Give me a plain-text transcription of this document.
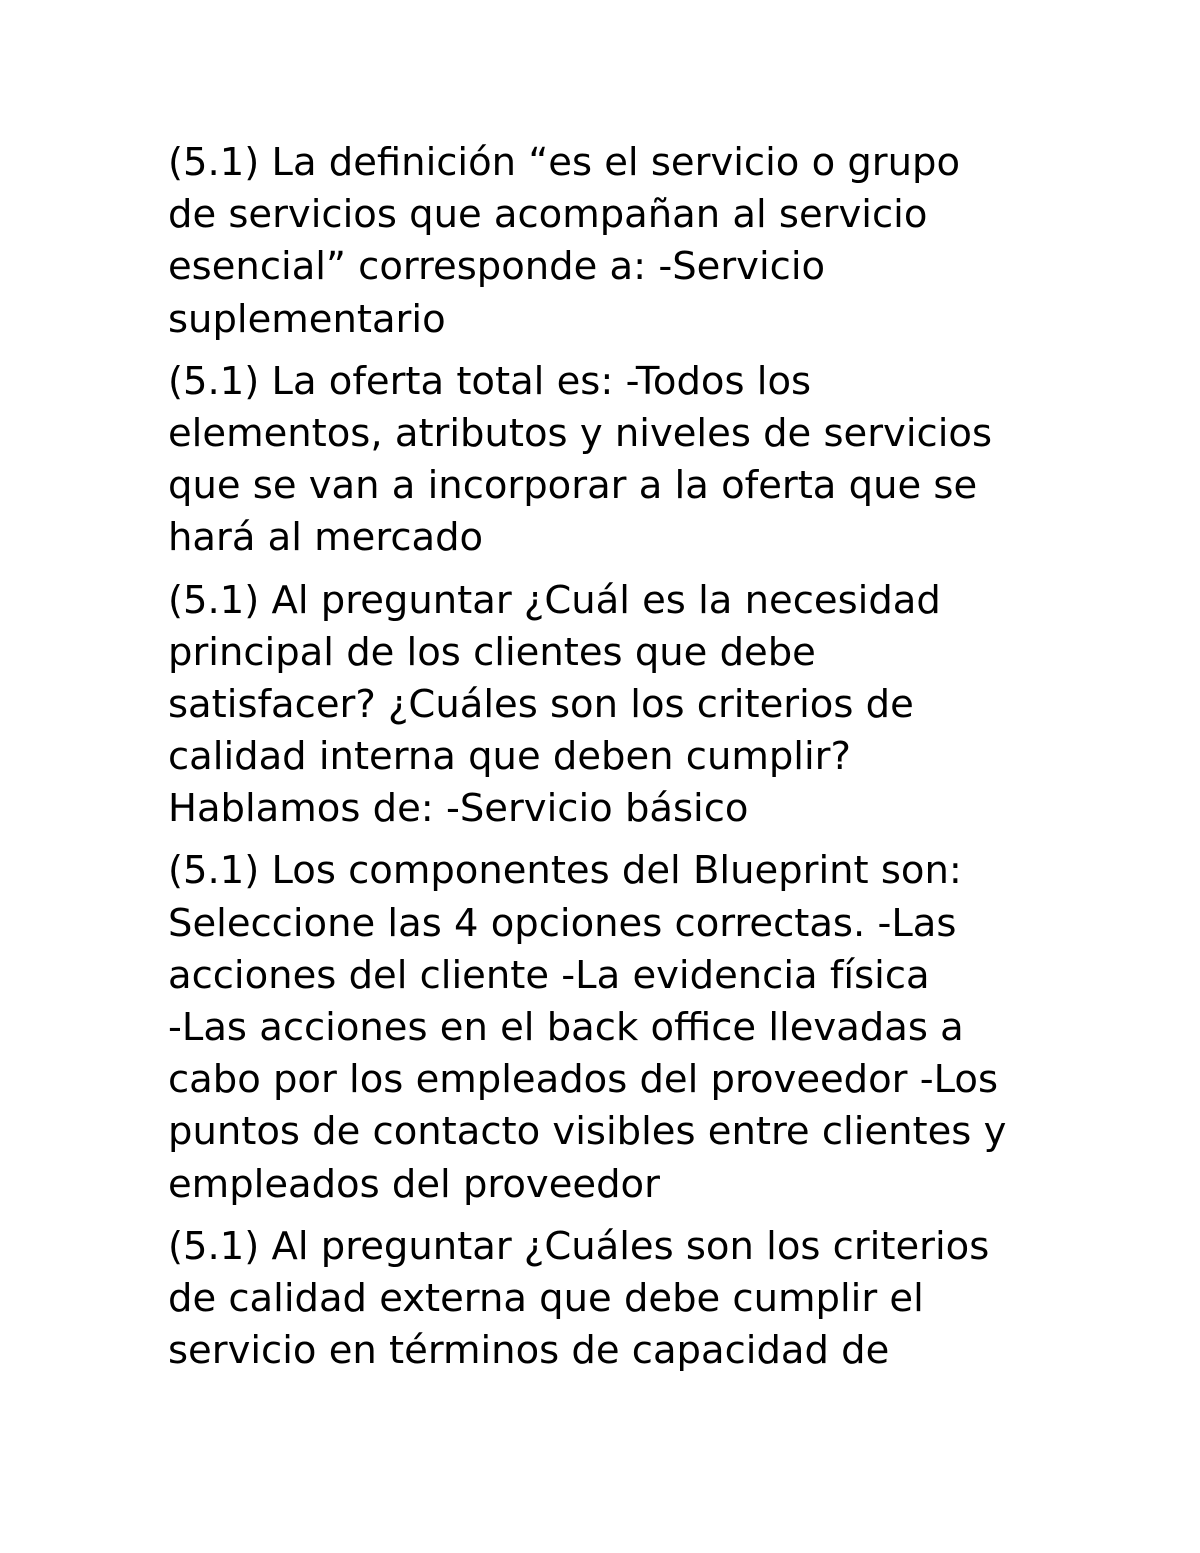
(5.1) La definición “es el servicio o grupo
de servicios que acompañan al servicio
esencial” corresponde a: -Servicio
suplementario
(5.1) La oferta total es: -Todos los
elementos, atributos y niveles de servicios
que se van a incorporar a la oferta que se
hará al mercado
(5.1) Al preguntar ¿Cuál es la necesidad
principal de los clientes que debe
satisfacer? ¿Cuáles son los criterios de
calidad interna que deben cumplir?
Hablamos de: -Servicio básico
(5.1) Los componentes del Blueprint son:
Seleccione las 4 opciones correctas. -Las
acciones del cliente -La evidencia física
-Las acciones en el back office llevadas a
cabo por los empleados del proveedor -Los
puntos de contacto visibles entre clientes y
empleados del proveedor
(5.1) Al preguntar ¿Cuáles son los criterios
de calidad externa que debe cumplir el
servicio en términos de capacidad de
